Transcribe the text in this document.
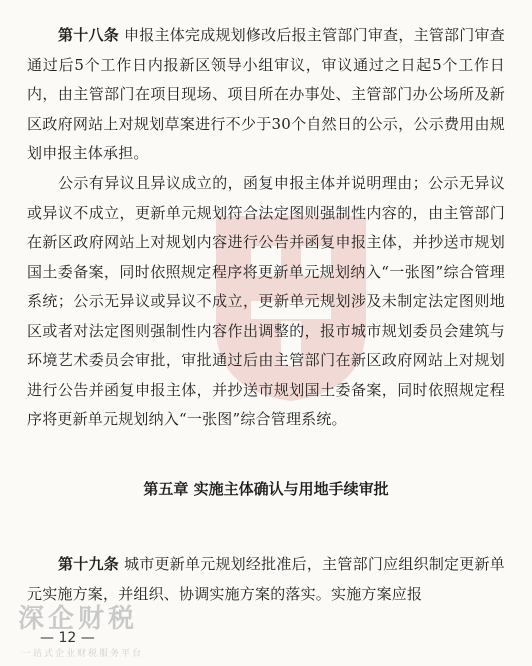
第十八条 申报主体完成规划修改后报主管部门审查，主管部门审查通过后5个工作日内报新区领导小组审议，审议通过之日起5个工作日内，由主管部门在项目现场、项目所在办事处、主管部门办公场所及新区政府网站上对规划草案进行不少于30个自然日的公示，公示费用由规划申报主体承担。

公示有异议且异议成立的，函复申报主体并说明理由；公示无异议或异议不成立，更新单元规划符合法定图则强制性内容的，由主管部门在新区政府网站上对规划内容进行公告并函复申报主体，并抄送市规划国土委备案，同时依照规定程序将更新单元规划纳入“一张图”综合管理系统；公示无异议或异议不成立，更新单元规划涉及未制定法定图则地区或者对法定图则强制性内容作出调整的，报市城市规划委员会建筑与环境艺术委员会审批，审批通过后由主管部门在新区政府网站上对规划进行公告并函复申报主体，并抄送市规划国土委备案，同时依照规定程序将更新单元规划纳入“一张图”综合管理系统。

第五章 实施主体确认与用地手续审批

第十九条 城市更新单元规划经批准后，主管部门应组织制定更新单元实施方案，并组织、协调实施方案的落实。实施方案应报

深企财税
一站式企业财税服务平台
— 12 —
